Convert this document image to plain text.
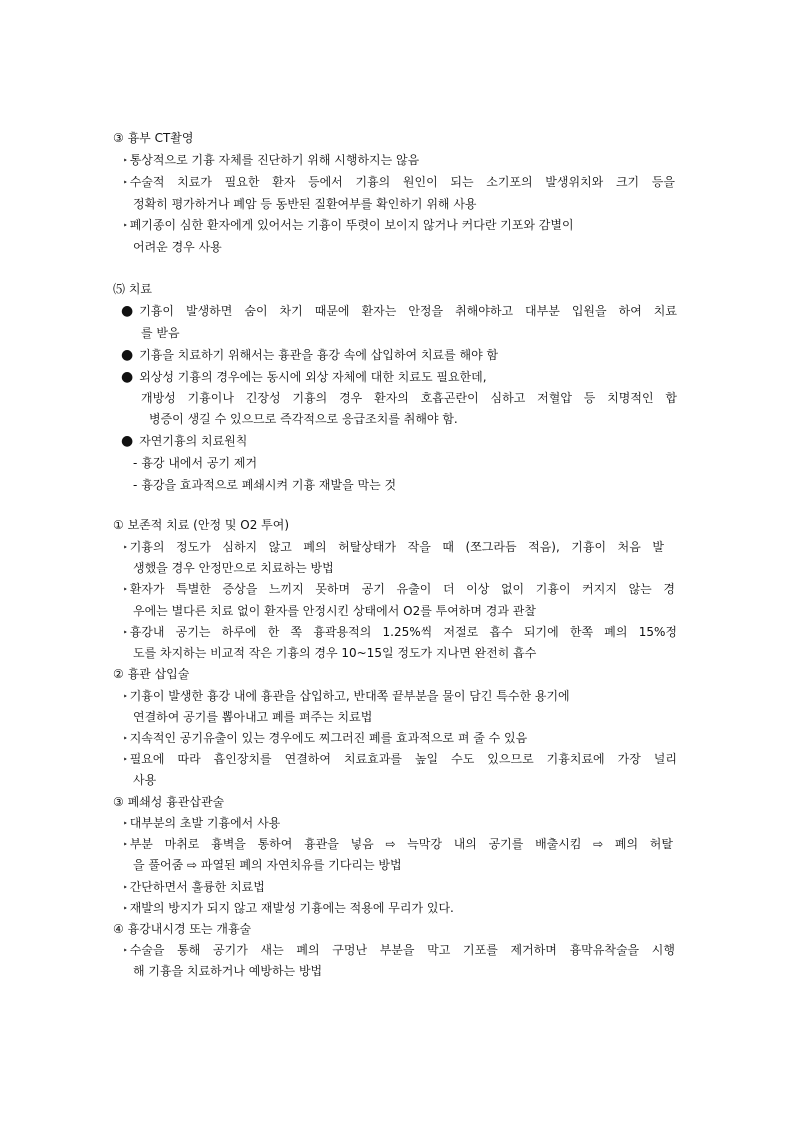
③ 흉부 CT촬영
‣ 통상적으로 기흉 자체를 진단하기 위해 시행하지는 않음
‣ 수술적 치료가 필요한 환자 등에서 기흉의 원인이 되는 소기포의 발생위치와 크기 등을
정확히 평가하거나 폐암 등 동반된 질환여부를 확인하기 위해 사용
‣ 폐기종이 심한 환자에게 있어서는 기흉이 뚜렷이 보이지 않거나 커다란 기포와 감별이
어려운 경우 사용
⑸ 치료
● 기흉이 발생하면 숨이 차기 때문에 환자는 안정을 취해야하고 대부분 입원을 하여 치료
를 받음
● 기흉을 치료하기 위해서는 흉관을 흉강 속에 삽입하여 치료를 해야 함
● 외상성 기흉의 경우에는 동시에 외상 자체에 대한 치료도 필요한데,
개방성 기흉이나 긴장성 기흉의 경우 환자의 호흡곤란이 심하고 저혈압 등 치명적인 합
병증이 생길 수 있으므로 즉각적으로 응급조치를 취해야 함.
● 자연기흉의 치료원칙
- 흉강 내에서 공기 제거
- 흉강을 효과적으로 폐쇄시켜 기흉 재발을 막는 것
① 보존적 치료 (안정 및 O2 투여)
‣ 기흉의 정도가 심하지 않고 폐의 허탈상태가 작을 때 (쪼그라듬 적음), 기흉이 처음 발
생했을 경우 안정만으로 치료하는 방법
‣ 환자가 특별한 증상을 느끼지 못하며 공기 유출이 더 이상 없이 기흉이 커지지 않는 경
우에는 별다른 치료 없이 환자를 안정시킨 상태에서 O2를 투여하며 경과 관찰
‣ 흉강내 공기는 하루에 한 쪽 흉곽용적의 1.25%씩 저절로 흡수 되기에 한쪽 폐의 15%정
도를 차지하는 비교적 작은 기흉의 경우 10~15일 정도가 지나면 완전히 흡수
② 흉관 삽입술
‣ 기흉이 발생한 흉강 내에 흉관을 삽입하고, 반대쪽 끝부분을 물이 담긴 특수한 용기에
연결하여 공기를 뽑아내고 폐를 펴주는 치료법
‣ 지속적인 공기유출이 있는 경우에도 찌그러진 폐를 효과적으로 펴 줄 수 있음
‣ 필요에 따라 흡인장치를 연결하여 치료효과를 높일 수도 있으므로 기흉치료에 가장 널리
사용
③ 폐쇄성 흉관삽관술
‣ 대부분의 초발 기흉에서 사용
‣ 부분 마취로 흉벽을 통하여 흉관을 넣음 ⇨ 늑막강 내의 공기를 배출시킴 ⇨ 폐의 허탈
을 풀어줌 ⇨ 파열된 폐의 자연치유를 기다리는 방법
‣ 간단하면서 훌륭한 치료법
‣ 재발의 방지가 되지 않고 재발성 기흉에는 적용에 무리가 있다.
④ 흉강내시경 또는 개흉술
‣ 수술을 통해 공기가 새는 폐의 구멍난 부분을 막고 기포를 제거하며 흉막유착술을 시행
해 기흉을 치료하거나 예방하는 방법
